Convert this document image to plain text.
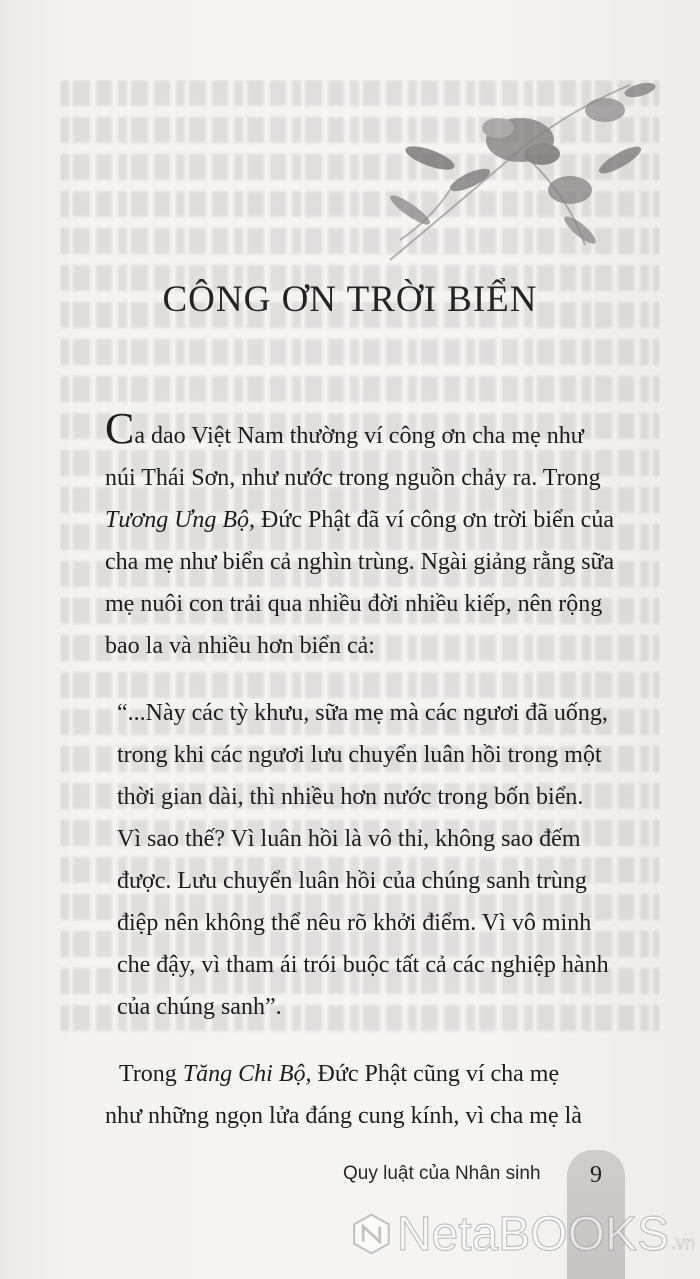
CÔNG ƠN TRỜI BIỂN

Ca dao Việt Nam thường ví công ơn cha mẹ như
núi Thái Sơn, như nước trong nguồn chảy ra. Trong
Tương Ưng Bộ, Đức Phật đã ví công ơn trời biển của
cha mẹ như biển cả nghìn trùng. Ngài giảng rằng sữa
mẹ nuôi con trải qua nhiều đời nhiều kiếp, nên rộng
bao la và nhiều hơn biển cả:

“...Này các tỳ khưu, sữa mẹ mà các ngươi đã uống,
trong khi các ngươi lưu chuyển luân hồi trong một
thời gian dài, thì nhiều hơn nước trong bốn biển.
Vì sao thế? Vì luân hồi là vô thỉ, không sao đếm
được. Lưu chuyển luân hồi của chúng sanh trùng
điệp nên không thể nêu rõ khởi điểm. Vì vô minh
che đậy, vì tham ái trói buộc tất cả các nghiệp hành
của chúng sanh”.

Trong Tăng Chi Bộ, Đức Phật cũng ví cha mẹ
như những ngọn lửa đáng cung kính, vì cha mẹ là

Quy luật của Nhân sinh	9
NetaBOOKS .vn
